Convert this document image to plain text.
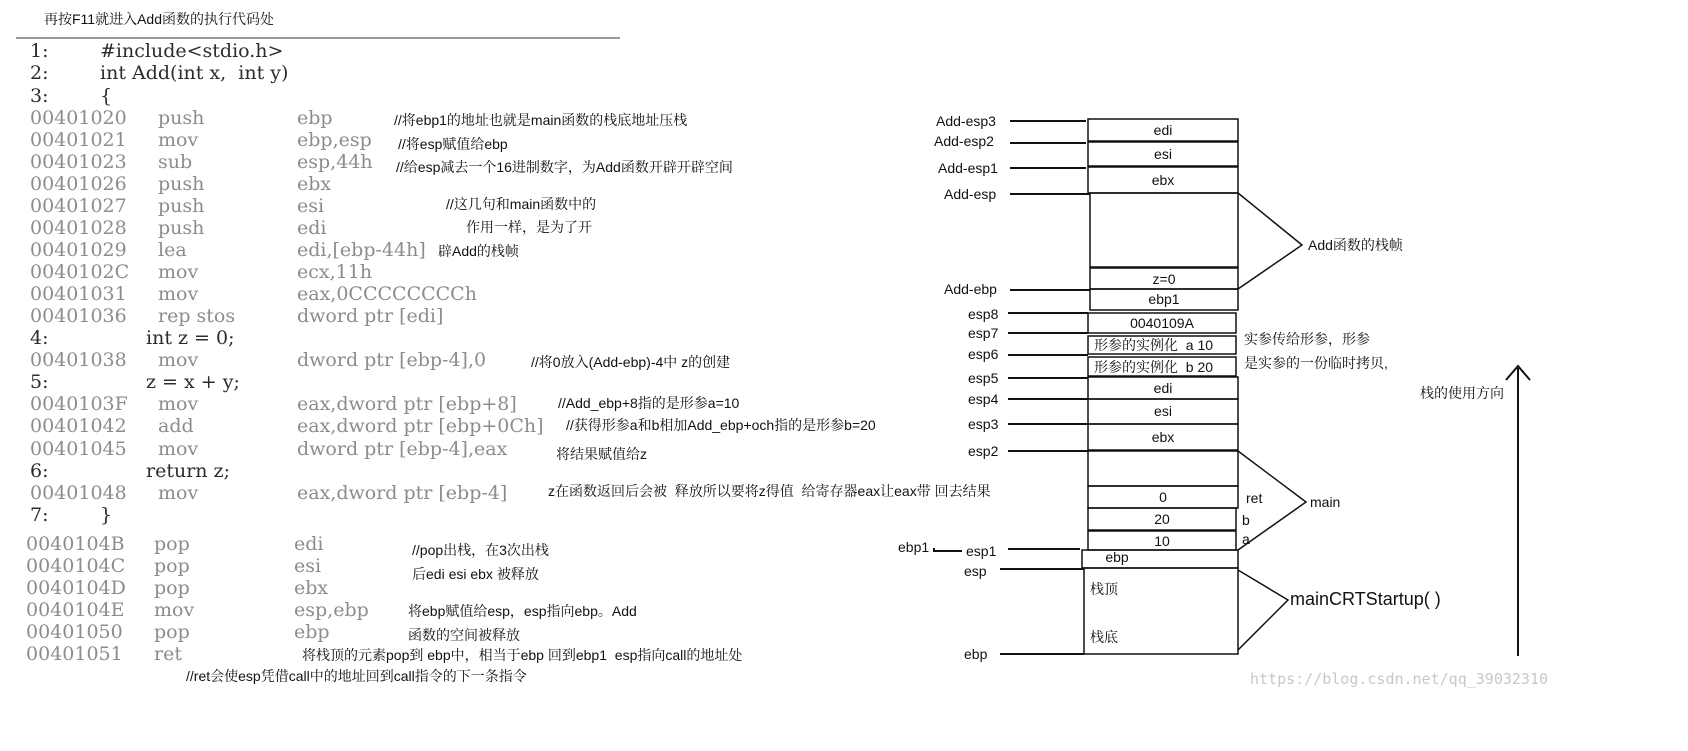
再按F11就进入Add函数的执行代码处
1:	#include<stdio.h>
2:	int Add(int x,  int y)
3:	{
00401020 push	ebp
00401021 mov	ebp,esp
00401023 sub	esp,44h
00401026 push	ebx
00401027 push	esi
00401028 push	edi
00401029 lea	edi,[ebp-44h]
0040102C mov	ecx,11h
00401031 mov	eax,0CCCCCCCCh
00401036 rep stos	dword ptr [edi]
4:	int z = 0;
00401038 mov	dword ptr [ebp-4],0
5:	z = x + y;
0040103F mov	eax,dword ptr [ebp+8]
00401042 add	eax,dword ptr [ebp+0Ch]
00401045 mov	dword ptr [ebp-4],eax
6:	return z;
00401048 mov	eax,dword ptr [ebp-4]
7:	}
0040104B pop	edi
0040104C pop	esi
0040104D pop	ebx
0040104E mov	esp,ebp
00401050 pop	ebp
00401051 ret
//将ebp1的地址也就是main函数的栈底地址压栈
//将esp赋值给ebp
//给esp减去一个16进制数字，为Add函数开辟开辟空间
//这几句和main函数中的
作用一样，是为了开
辟Add的栈帧
//将0放入(Add-ebp)-4中 z的创建
//Add_ebp+8指的是形参a=10
//获得形参a和b相加Add_ebp+och指的是形参b=20
将结果赋值给z
z在函数返回后会被  释放所以要将z得值  给寄存器eax让eax带 回去结果
//pop出栈，在3次出栈
后edi esi ebx 被释放
将ebp赋值给esp，esp指向ebp。Add
函数的空间被释放
将栈顶的元素pop到 ebp中，相当于ebp 回到ebp1  esp指向call的地址处
//ret会使esp凭借call中的地址回到call指令的下一条指令
Add-esp3
Add-esp2
Add-esp1
Add-esp
Add-ebp
esp8
esp7
esp6
esp5
esp4
esp3
esp2
ebp1	esp1
esp
ebp
edi
esi
ebx
z=0
ebp1
0040109A
形参的实例化  a 10
形参的实例化  b 20
edi
esi
ebx
0
20
10
ebp
栈顶
栈底
Add函数的栈帧
实参传给形参，形参
是实参的一份临时拷贝,
ret
b
a
main
mainCRTStartup( )
栈的使用方向
https://blog.csdn.net/qq_39032310
